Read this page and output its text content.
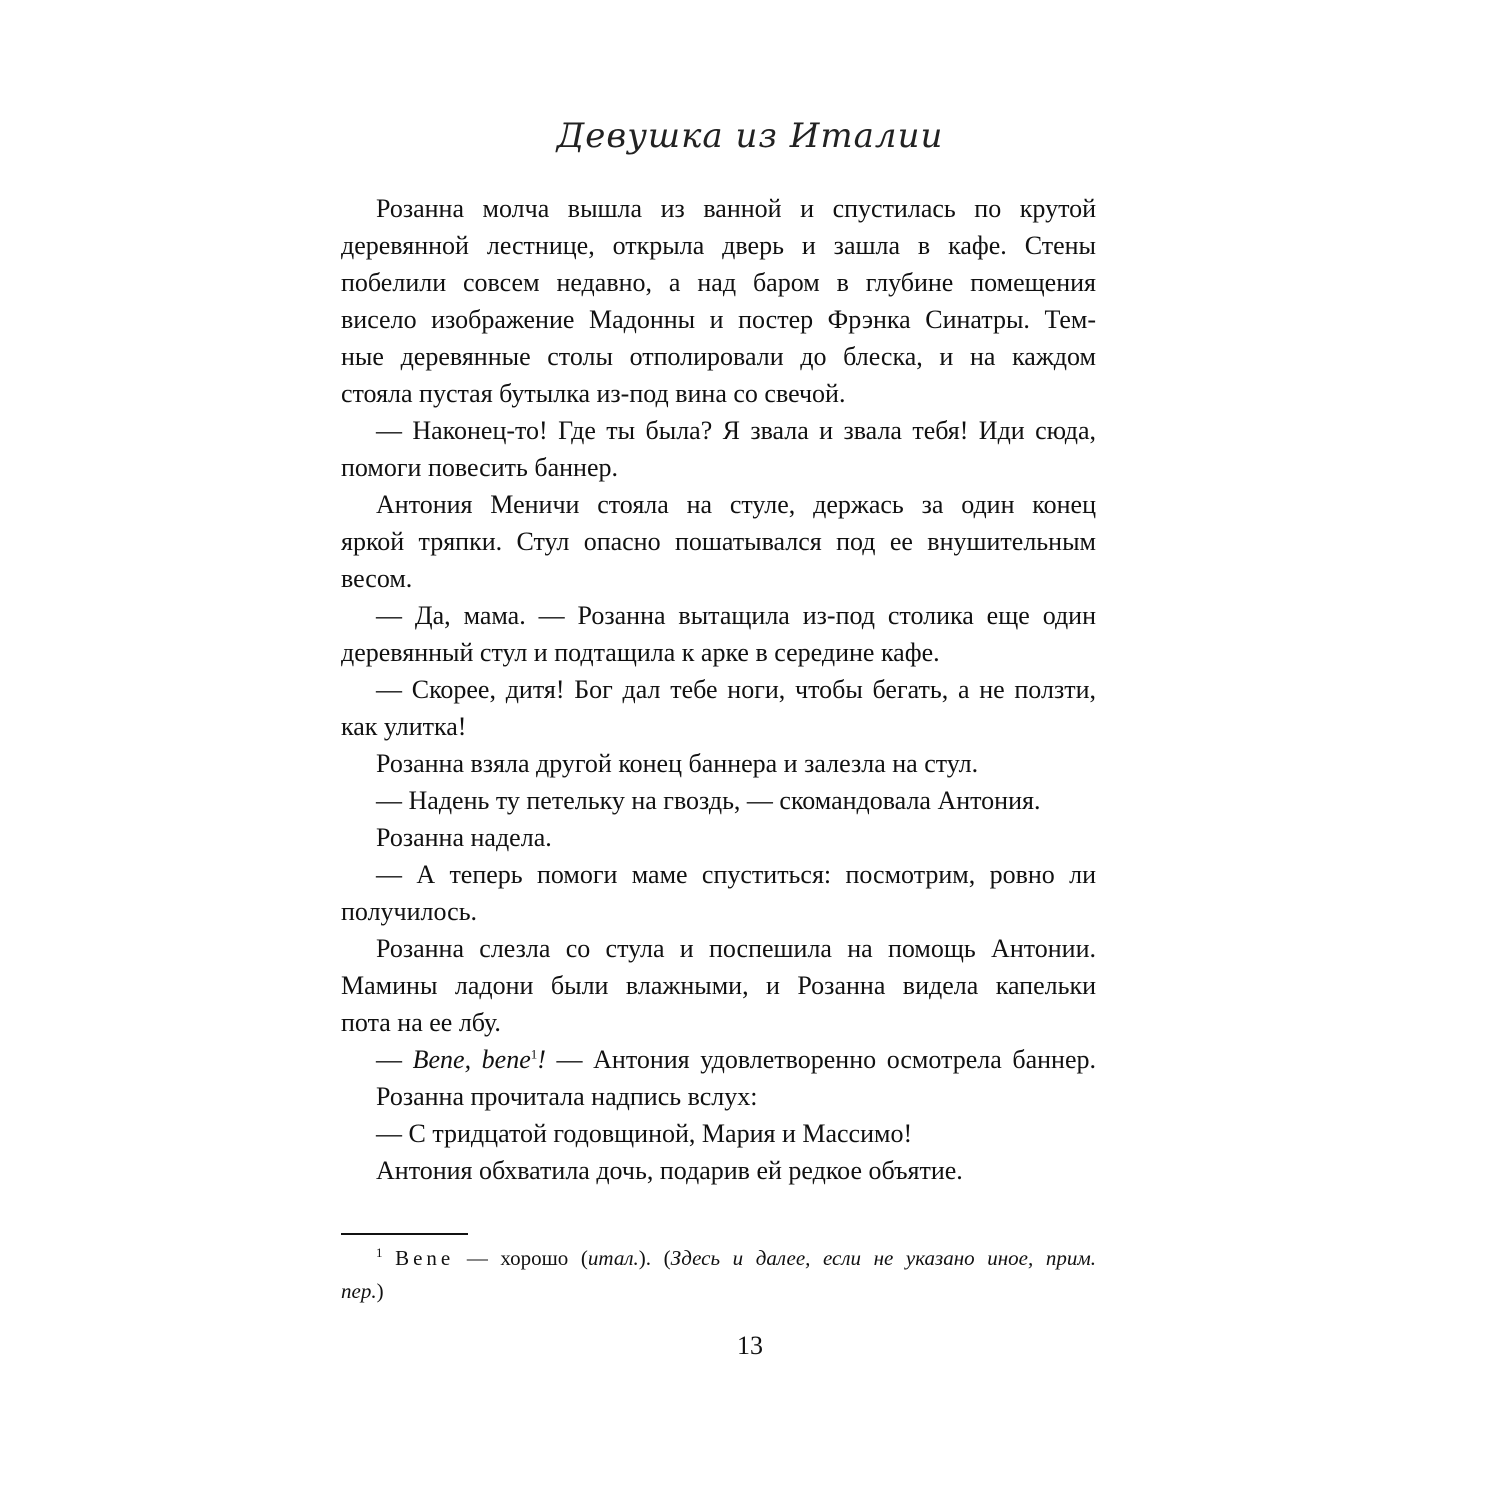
Девушка из Италии
Розанна молча вышла из ванной и спустилась по крутой
деревянной лестнице, открыла дверь и зашла в кафе. Стены
побелили совсем недавно, а над баром в глубине помещения
висело изображение Мадонны и постер Фрэнка Синатры. Тем-
ные деревянные столы отполировали до блеска, и на каждом
стояла пустая бутылка из-под вина со свечой.
— Наконец-то! Где ты была? Я звала и звала тебя! Иди сюда,
помоги повесить баннер.
Антония Меничи стояла на стуле, держась за один конец
яркой тряпки. Стул опасно пошатывался под ее внушительным
весом.
— Да, мама. — Розанна вытащила из-под столика еще один
деревянный стул и подтащила к арке в середине кафе.
— Скорее, дитя! Бог дал тебе ноги, чтобы бегать, а не ползти,
как улитка!
Розанна взяла другой конец баннера и залезла на стул.
— Надень ту петельку на гвоздь, — скомандовала Антония.
Розанна надела.
— А теперь помоги маме спуститься: посмотрим, ровно ли
получилось.
Розанна слезла со стула и поспешила на помощь Антонии.
Мамины ладони были влажными, и Розанна видела капельки
пота на ее лбу.
— Bene, bene$^1$! — Антония удовлетворенно осмотрела баннер.
Розанна прочитала надпись вслух:
— С тридцатой годовщиной, Мария и Массимо!
Антония обхватила дочь, подарив ей редкое объятие.
$^1$ Bene — хорошо (итал.). (Здесь и далее, если не указано иное, прим.
пер.)
13
